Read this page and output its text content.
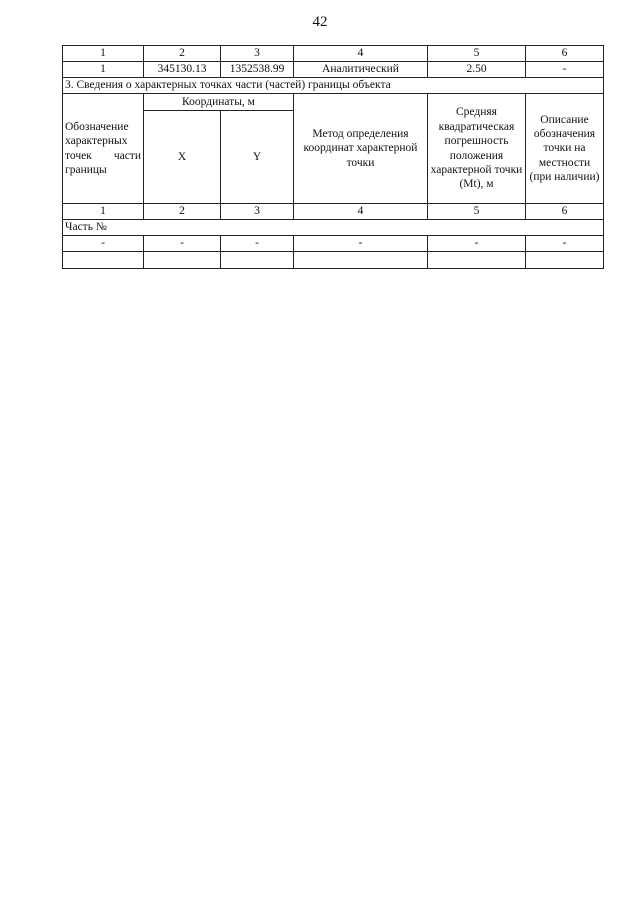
42
1	2	3	4	5	6
1	345130.13	1352538.99	Аналитический	2.50	-
3. Сведения о характерных точках части (частей) границы объекта					
Обозначение характерных точек части границы	Координаты, м		Метод определения координат характерной точки	Средняя квадратическая погрешность положения характерной точки (Mt), м	Описание обозначения точки на местности (при наличии)
	X	Y			
1	2	3	4	5	6
Часть №					
-	-	-	-	-	-
